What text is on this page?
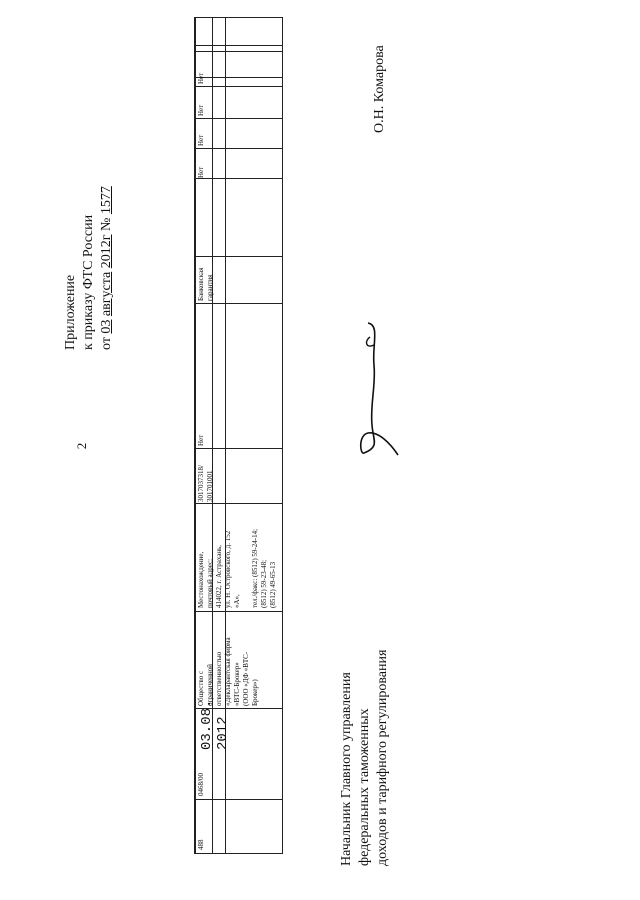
2
Приложение к приказу ФТС России от 03 августа 2012г № 1577
488
0468/00
03.08.
2012
Общество с
ограниченной
ответственностью
«Декларантская фирма
«ВТС-Брокер»
(ООО «ДФ «ВТС-
Брокер»)
Местонахождение, почтовый адрес:
414022, г. Астрахань,
ул. Н. Островского, д. 152 «А»,

тел./факс: (8512) 59-24-14;
(8512) 59-23-48;
(8512) 49-65-13
3017037318/
301701001
Нет
Банковская
гарантия
Нет
Нет
Нет
Нет
Начальник Главного управления
федеральных таможенных
доходов и тарифного регулирования
О.Н. Комарова
